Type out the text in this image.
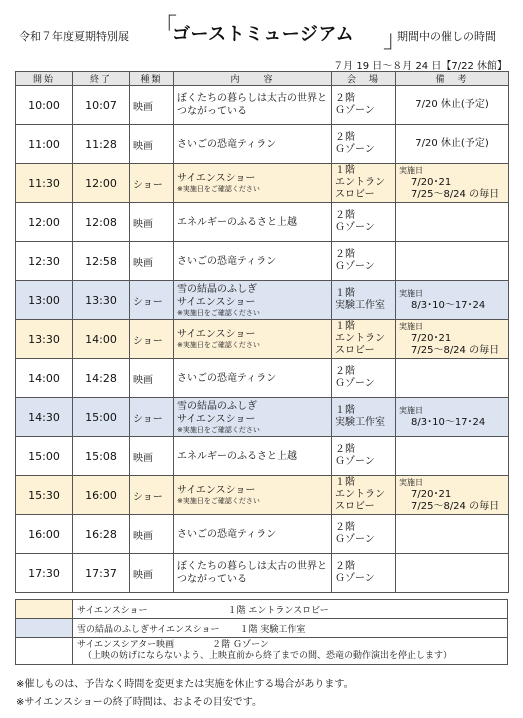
令和７年度夏期特別展 「
ゴーストミュージアム 」
期間中の催しの時間
７月 19 日～８月 24 日【7/22 休館】
開始	終了	種類	内　　容	会　場	備　考
10:00	10:07	映画	ぼくたちの暮らしは太古の世界と
つながっている	２階
Ｇゾーン	7/20 休止(予定)

11:00	11:28	映画	さいごの恐竜ティラン	２階
Ｇゾーン	7/20 休止(予定)

11:30	12:00	ショー	サイエンスショー
※実施日をご確認ください	１階
エントラン
スロビー	実施日
7/20･21
7/25～8/24 の毎日

12:00	12:08	映画	エネルギーのふるさと上越	２階
Ｇゾーン	

12:30	12:58	映画	さいごの恐竜ティラン	２階
Ｇゾーン	

13:00	13:30	ショー	雪の結晶のふしぎ
サイエンスショー
※実施日をご確認ください	１階
実験工作室	実施日
8/3･10～17･24

13:30	14:00	ショー	サイエンスショー
※実施日をご確認ください	１階
エントラン
スロビー	実施日
7/20･21
7/25～8/24 の毎日

14:00	14:28	映画	さいごの恐竜ティラン	２階
Ｇゾーン	

14:30	15:00	ショー	雪の結晶のふしぎ
サイエンスショー
※実施日をご確認ください	１階
実験工作室	実施日
8/3･10～17･24

15:00	15:08	映画	エネルギーのふるさと上越	２階
Ｇゾーン	

15:30	16:00	ショー	サイエンスショー
※実施日をご確認ください	１階
エントラン
スロビー	実施日
7/20･21
7/25～8/24 の毎日

16:00	16:28	映画	さいごの恐竜ティラン	２階
Ｇゾーン	

17:30	17:37	映画	ぼくたちの暮らしは太古の世界と
つながっている	２階
Ｇゾーン	

	サイエンスショー １階 エントランスロビー
	雪の結晶のふしぎサイエンスショー １階 実験工作室

	サイエンスシアター映画 ２階 Ｇゾーン
（上映の妨げにならないよう、上映直前から終了までの間、恐竜の動作演出を停止します）
※催しものは、予告なく時間を変更または実施を休止する場合があります。
※サイエンスショーの終了時間は、およその目安です。
